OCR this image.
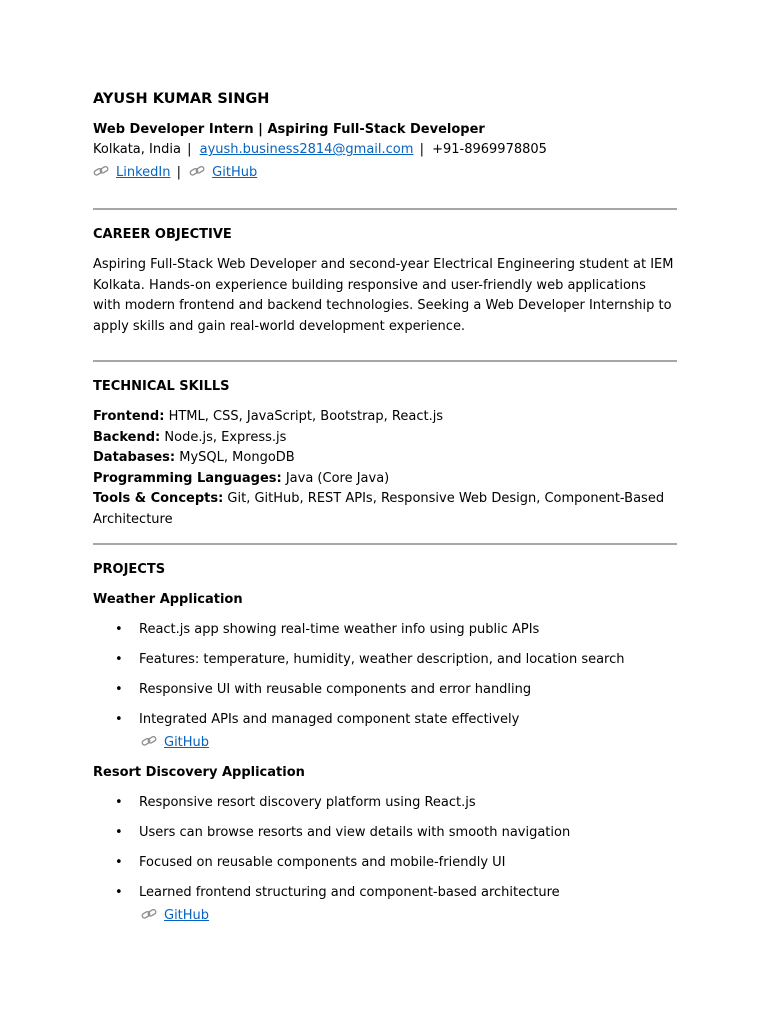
AYUSH KUMAR SINGH
Web Developer Intern | Aspiring Full-Stack Developer
Kolkata, India | ayush.business2814@gmail.com | +91-8969978805
LinkedIn | GitHub
CAREER OBJECTIVE
Aspiring Full-Stack Web Developer and second-year Electrical Engineering student at IEM Kolkata. Hands-on experience building responsive and user-friendly web applications with modern frontend and backend technologies. Seeking a Web Developer Internship to apply skills and gain real-world development experience.
TECHNICAL SKILLS
Frontend: HTML, CSS, JavaScript, Bootstrap, React.js
Backend: Node.js, Express.js
Databases: MySQL, MongoDB
Programming Languages: Java (Core Java)
Tools & Concepts: Git, GitHub, REST APIs, Responsive Web Design, Component-Based Architecture
PROJECTS
Weather Application
• React.js app showing real-time weather info using public APIs
• Features: temperature, humidity, weather description, and location search
• Responsive UI with reusable components and error handling
• Integrated APIs and managed component state effectively
GitHub
Resort Discovery Application
• Responsive resort discovery platform using React.js
• Users can browse resorts and view details with smooth navigation
• Focused on reusable components and mobile-friendly UI
• Learned frontend structuring and component-based architecture
GitHub
